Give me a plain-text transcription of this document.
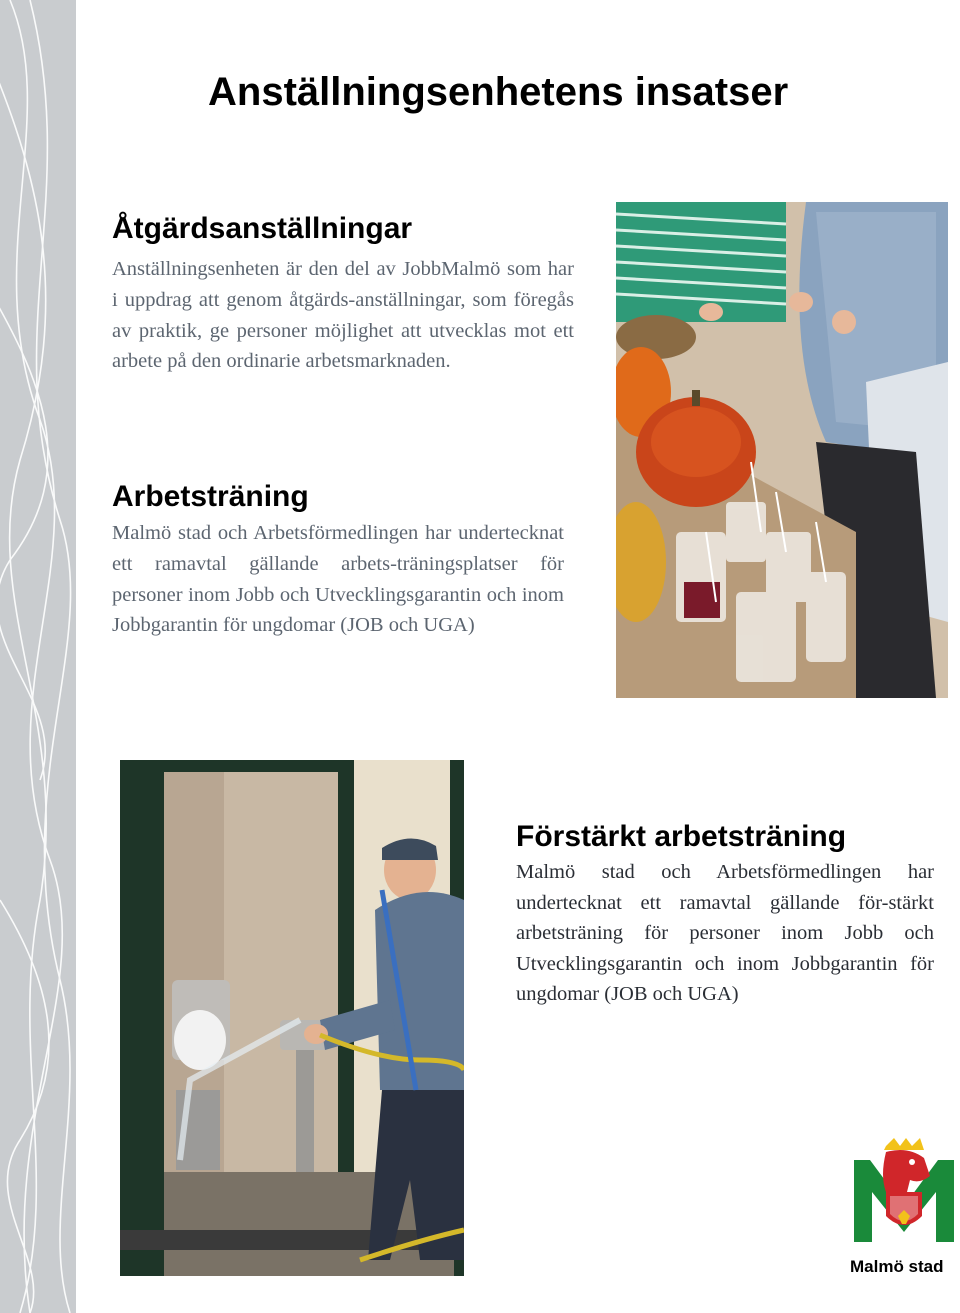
Anställningsenhetens insatser
Åtgärdsanställningar

Anställningsenheten är den del av JobbMalmö som har i uppdrag att genom åtgärds-anställningar, som föregås av praktik, ge personer möjlighet att utvecklas mot ett arbete på den ordinarie arbetsmarknaden.

Arbetsträning

Malmö stad och Arbetsförmedlingen har undertecknat ett ramavtal gällande arbets-träningsplatser för personer inom Jobb och Utvecklingsgarantin och inom Jobbgarantin för ungdomar (JOB och UGA)

Förstärkt arbetsträning

Malmö stad och Arbetsförmedlingen har undertecknat ett ramavtal gällande för-stärkt arbetsträning för personer inom Jobb och Utvecklingsgarantin och inom Jobbgarantin för ungdomar (JOB och UGA)

Malmö stad
